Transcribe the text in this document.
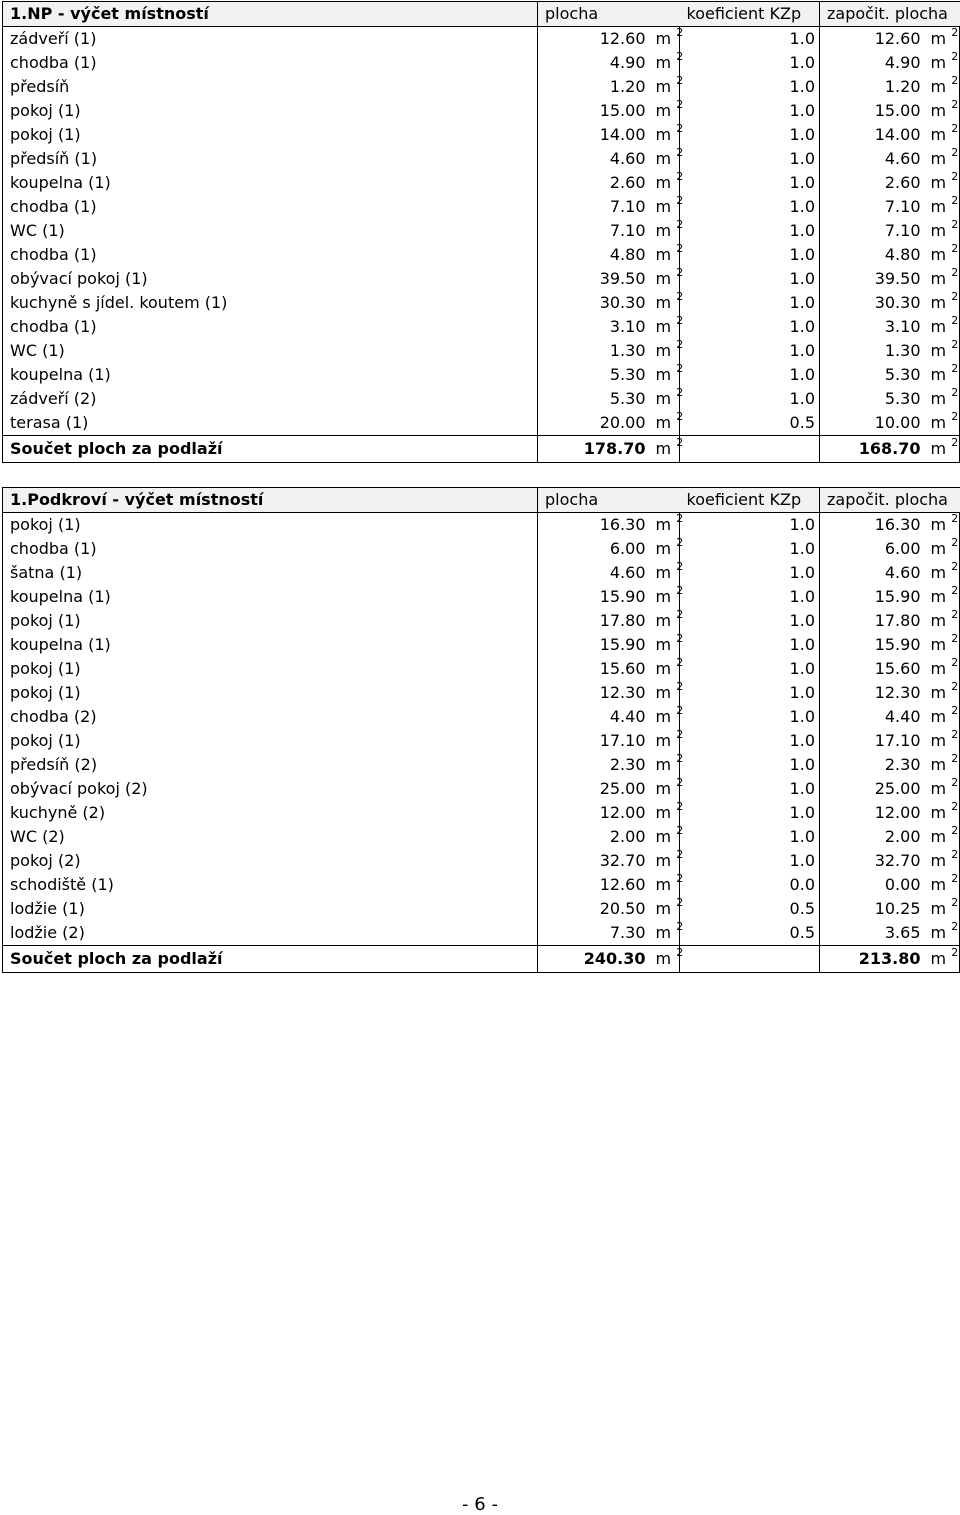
1.NP - výčet místností	plocha		koeficient KZp	započit. plocha	
zádveří (1)	12.60	m $^2$	1.0	12.60	m $^2$
chodba (1)	4.90	m $^2$	1.0	4.90	m $^2$
předsíň	1.20	m $^2$	1.0	1.20	m $^2$
pokoj (1)	15.00	m $^2$	1.0	15.00	m $^2$
pokoj (1)	14.00	m $^2$	1.0	14.00	m $^2$
předsíň (1)	4.60	m $^2$	1.0	4.60	m $^2$
koupelna (1)	2.60	m $^2$	1.0	2.60	m $^2$
chodba (1)	7.10	m $^2$	1.0	7.10	m $^2$
WC (1)	7.10	m $^2$	1.0	7.10	m $^2$
chodba (1)	4.80	m $^2$	1.0	4.80	m $^2$
obývací pokoj (1)	39.50	m $^2$	1.0	39.50	m $^2$
kuchyně s jídel. koutem (1)	30.30	m $^2$	1.0	30.30	m $^2$
chodba (1)	3.10	m $^2$	1.0	3.10	m $^2$
WC (1)	1.30	m $^2$	1.0	1.30	m $^2$
koupelna (1)	5.30	m $^2$	1.0	5.30	m $^2$
zádveří (2)	5.30	m $^2$	1.0	5.30	m $^2$
terasa (1)	20.00	m $^2$	0.5	10.00	m $^2$
Součet ploch za podlaží	178.70	m $^2$		168.70	m $^2$
1.Podkroví - výčet místností	plocha		koeficient KZp	započit. plocha	
pokoj (1)	16.30	m $^2$	1.0	16.30	m $^2$
chodba (1)	6.00	m $^2$	1.0	6.00	m $^2$
šatna (1)	4.60	m $^2$	1.0	4.60	m $^2$
koupelna (1)	15.90	m $^2$	1.0	15.90	m $^2$
pokoj (1)	17.80	m $^2$	1.0	17.80	m $^2$
koupelna (1)	15.90	m $^2$	1.0	15.90	m $^2$
pokoj (1)	15.60	m $^2$	1.0	15.60	m $^2$
pokoj (1)	12.30	m $^2$	1.0	12.30	m $^2$
chodba (2)	4.40	m $^2$	1.0	4.40	m $^2$
pokoj (1)	17.10	m $^2$	1.0	17.10	m $^2$
předsíň (2)	2.30	m $^2$	1.0	2.30	m $^2$
obývací pokoj (2)	25.00	m $^2$	1.0	25.00	m $^2$
kuchyně (2)	12.00	m $^2$	1.0	12.00	m $^2$
WC (2)	2.00	m $^2$	1.0	2.00	m $^2$
pokoj (2)	32.70	m $^2$	1.0	32.70	m $^2$
schodiště (1)	12.60	m $^2$	0.0	0.00	m $^2$
lodžie (1)	20.50	m $^2$	0.5	10.25	m $^2$
lodžie (2)	7.30	m $^2$	0.5	3.65	m $^2$
Součet ploch za podlaží	240.30	m $^2$		213.80	m $^2$
- 6 -
